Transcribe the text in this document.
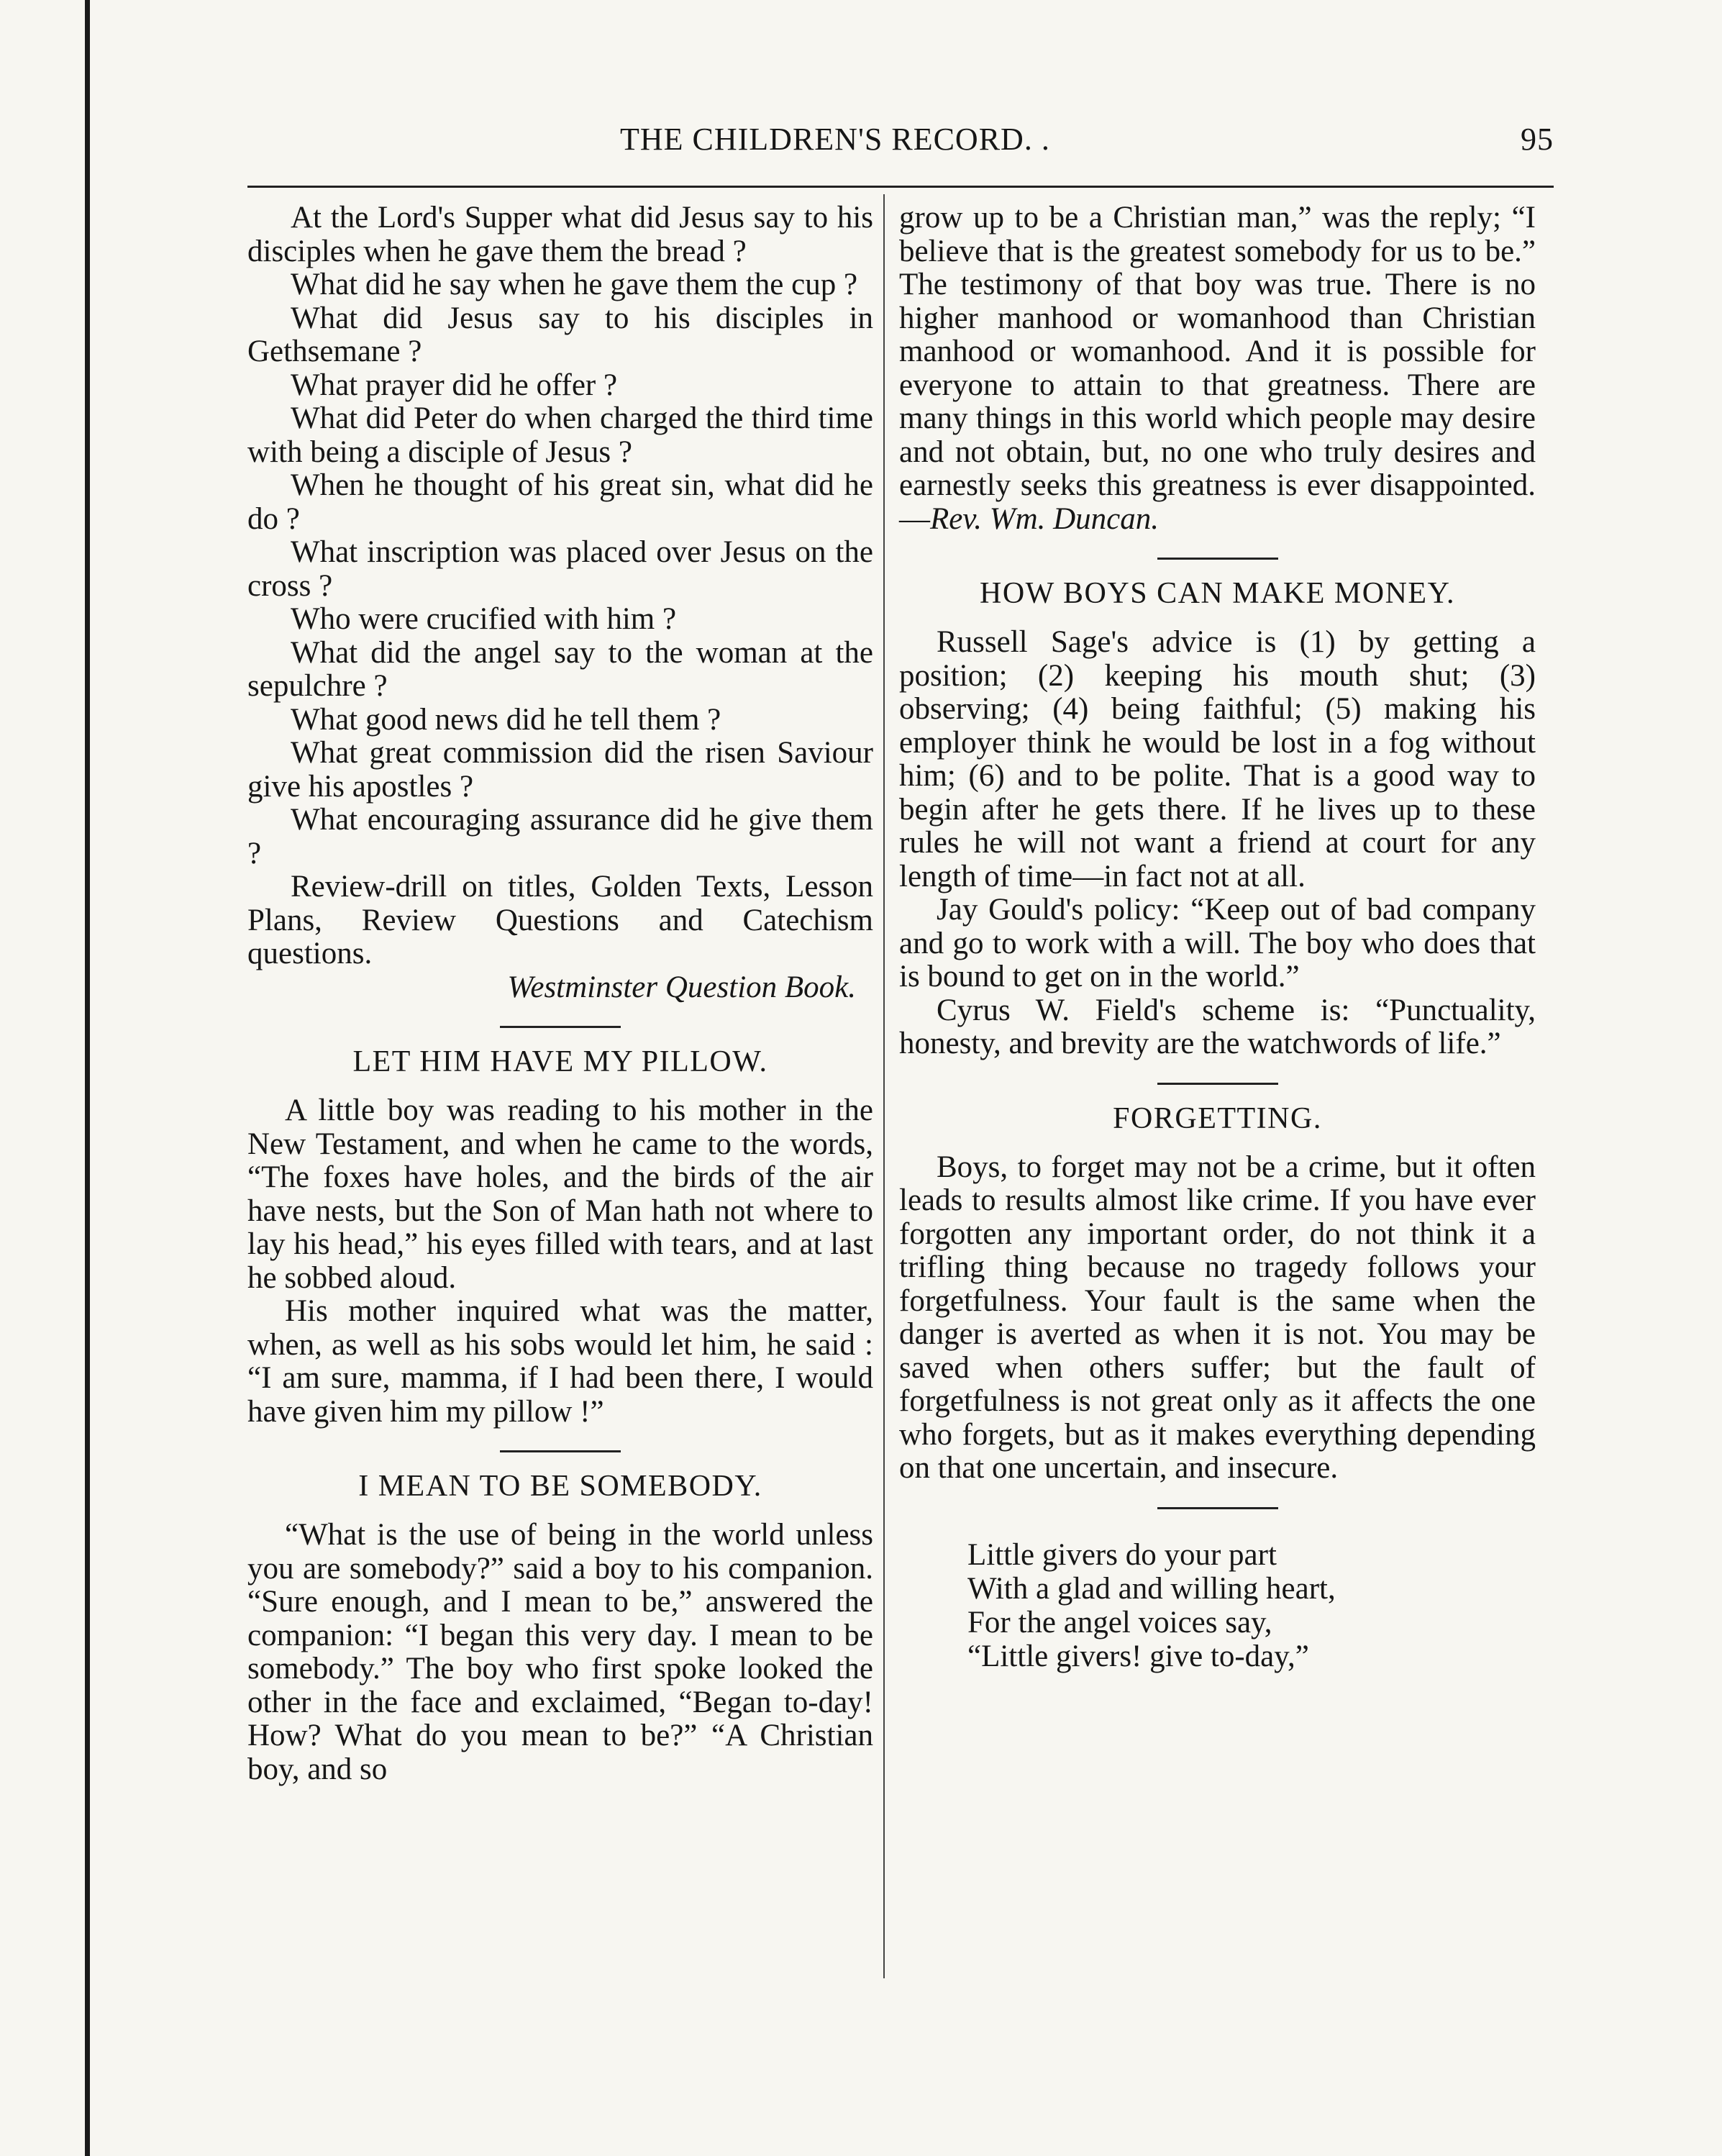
THE CHILDREN'S RECORD. .	95

At the Lord's Supper what did Jesus say to his disciples when he gave them the bread ?

What did he say when he gave them the cup ?

What did Jesus say to his disciples in Gethsemane ?

What prayer did he offer ?

What did Peter do when charged the third time with being a disciple of Jesus ?

When he thought of his great sin, what did he do ?

What inscription was placed over Jesus on the cross ?

Who were crucified with him ?

What did the angel say to the woman at the sepulchre ?

What good news did he tell them ?

What great commission did the risen Saviour give his apostles ?

What encouraging assurance did he give them ?

Review-drill on titles, Golden Texts, Lesson Plans, Review Questions and Catechism questions.

Westminster Question Book.

LET HIM HAVE MY PILLOW.

A little boy was reading to his mother in the New Testament, and when he came to the words, “The foxes have holes, and the birds of the air have nests, but the Son of Man hath not where to lay his head,” his eyes filled with tears, and at last he sobbed aloud.

His mother inquired what was the matter, when, as well as his sobs would let him, he said : “I am sure, mamma, if I had been there, I would have given him my pillow !”

I MEAN TO BE SOMEBODY.

“What is the use of being in the world unless you are somebody?” said a boy to his companion. “Sure enough, and I mean to be,” answered the companion: “I began this very day. I mean to be somebody.” The boy who first spoke looked the other in the face and exclaimed, “Began to-day! How? What do you mean to be?” “A Christian boy, and so

grow up to be a Christian man,” was the reply; “I believe that is the greatest somebody for us to be.” The testimony of that boy was true. There is no higher manhood or womanhood than Christian manhood or womanhood. And it is possible for everyone to attain to that greatness. There are many things in this world which people may desire and not obtain, but, no one who truly desires and earnestly seeks this greatness is ever disappointed.—Rev. Wm. Duncan.

HOW BOYS CAN MAKE MONEY.

Russell Sage's advice is (1) by getting a position; (2) keeping his mouth shut; (3) observing; (4) being faithful; (5) making his employer think he would be lost in a fog without him; (6) and to be polite. That is a good way to begin after he gets there. If he lives up to these rules he will not want a friend at court for any length of time—in fact not at all.

Jay Gould's policy: “Keep out of bad company and go to work with a will. The boy who does that is bound to get on in the world.”

Cyrus W. Field's scheme is: “Punctuality, honesty, and brevity are the watchwords of life.”

FORGETTING.

Boys, to forget may not be a crime, but it often leads to results almost like crime. If you have ever forgotten any important order, do not think it a trifling thing because no tragedy follows your forgetfulness. Your fault is the same when the danger is averted as when it is not. You may be saved when others suffer; but the fault of forgetfulness is not great only as it affects the one who forgets, but as it makes everything depending on that one uncertain, and insecure.

Little givers do your part
With a glad and willing heart,
For the angel voices say,
“Little givers! give to-day,”
